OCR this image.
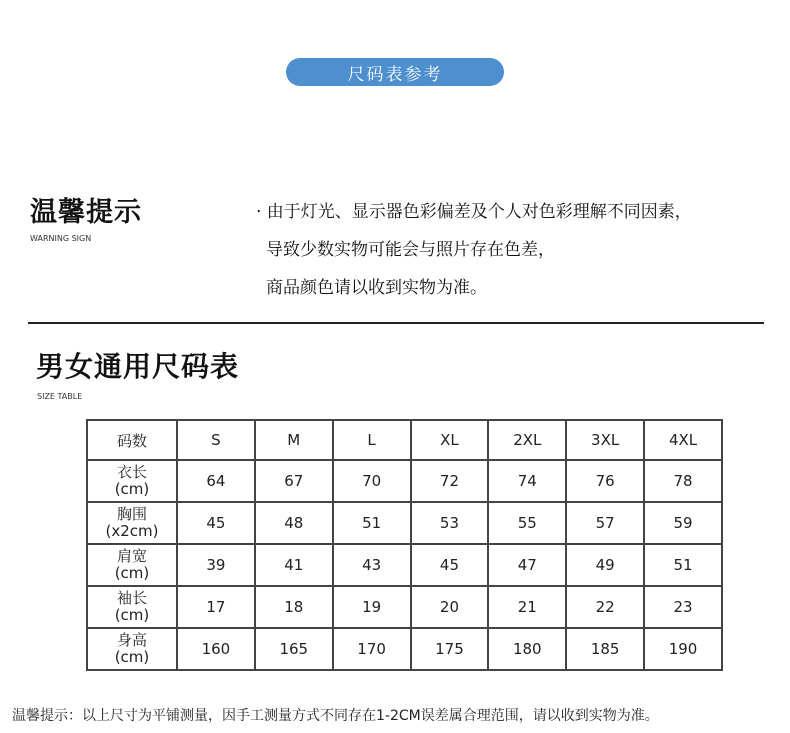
尺码表参考
温馨提示
WARNING SIGN
· 由于灯光、显示器色彩偏差及个人对色彩理解不同因素，
导致少数实物可能会与照片存在色差，
商品颜色请以收到实物为准。
男女通用尺码表
SIZE TABLE
码数	S	M	L	XL	2XL	3XL	4XL

衣长
(cm)	64	67	70	72	74	76	78

胸围
(x2cm)	45	48	51	53	55	57	59

肩宽
(cm)	39	41	43	45	47	49	51

袖长
(cm)	17	18	19	20	21	22	23

身高
(cm)	160	165	170	175	180	185	190
温馨提示：以上尺寸为平铺测量，因手工测量方式不同存在1-2CM误差属合理范围，请以收到实物为准。
